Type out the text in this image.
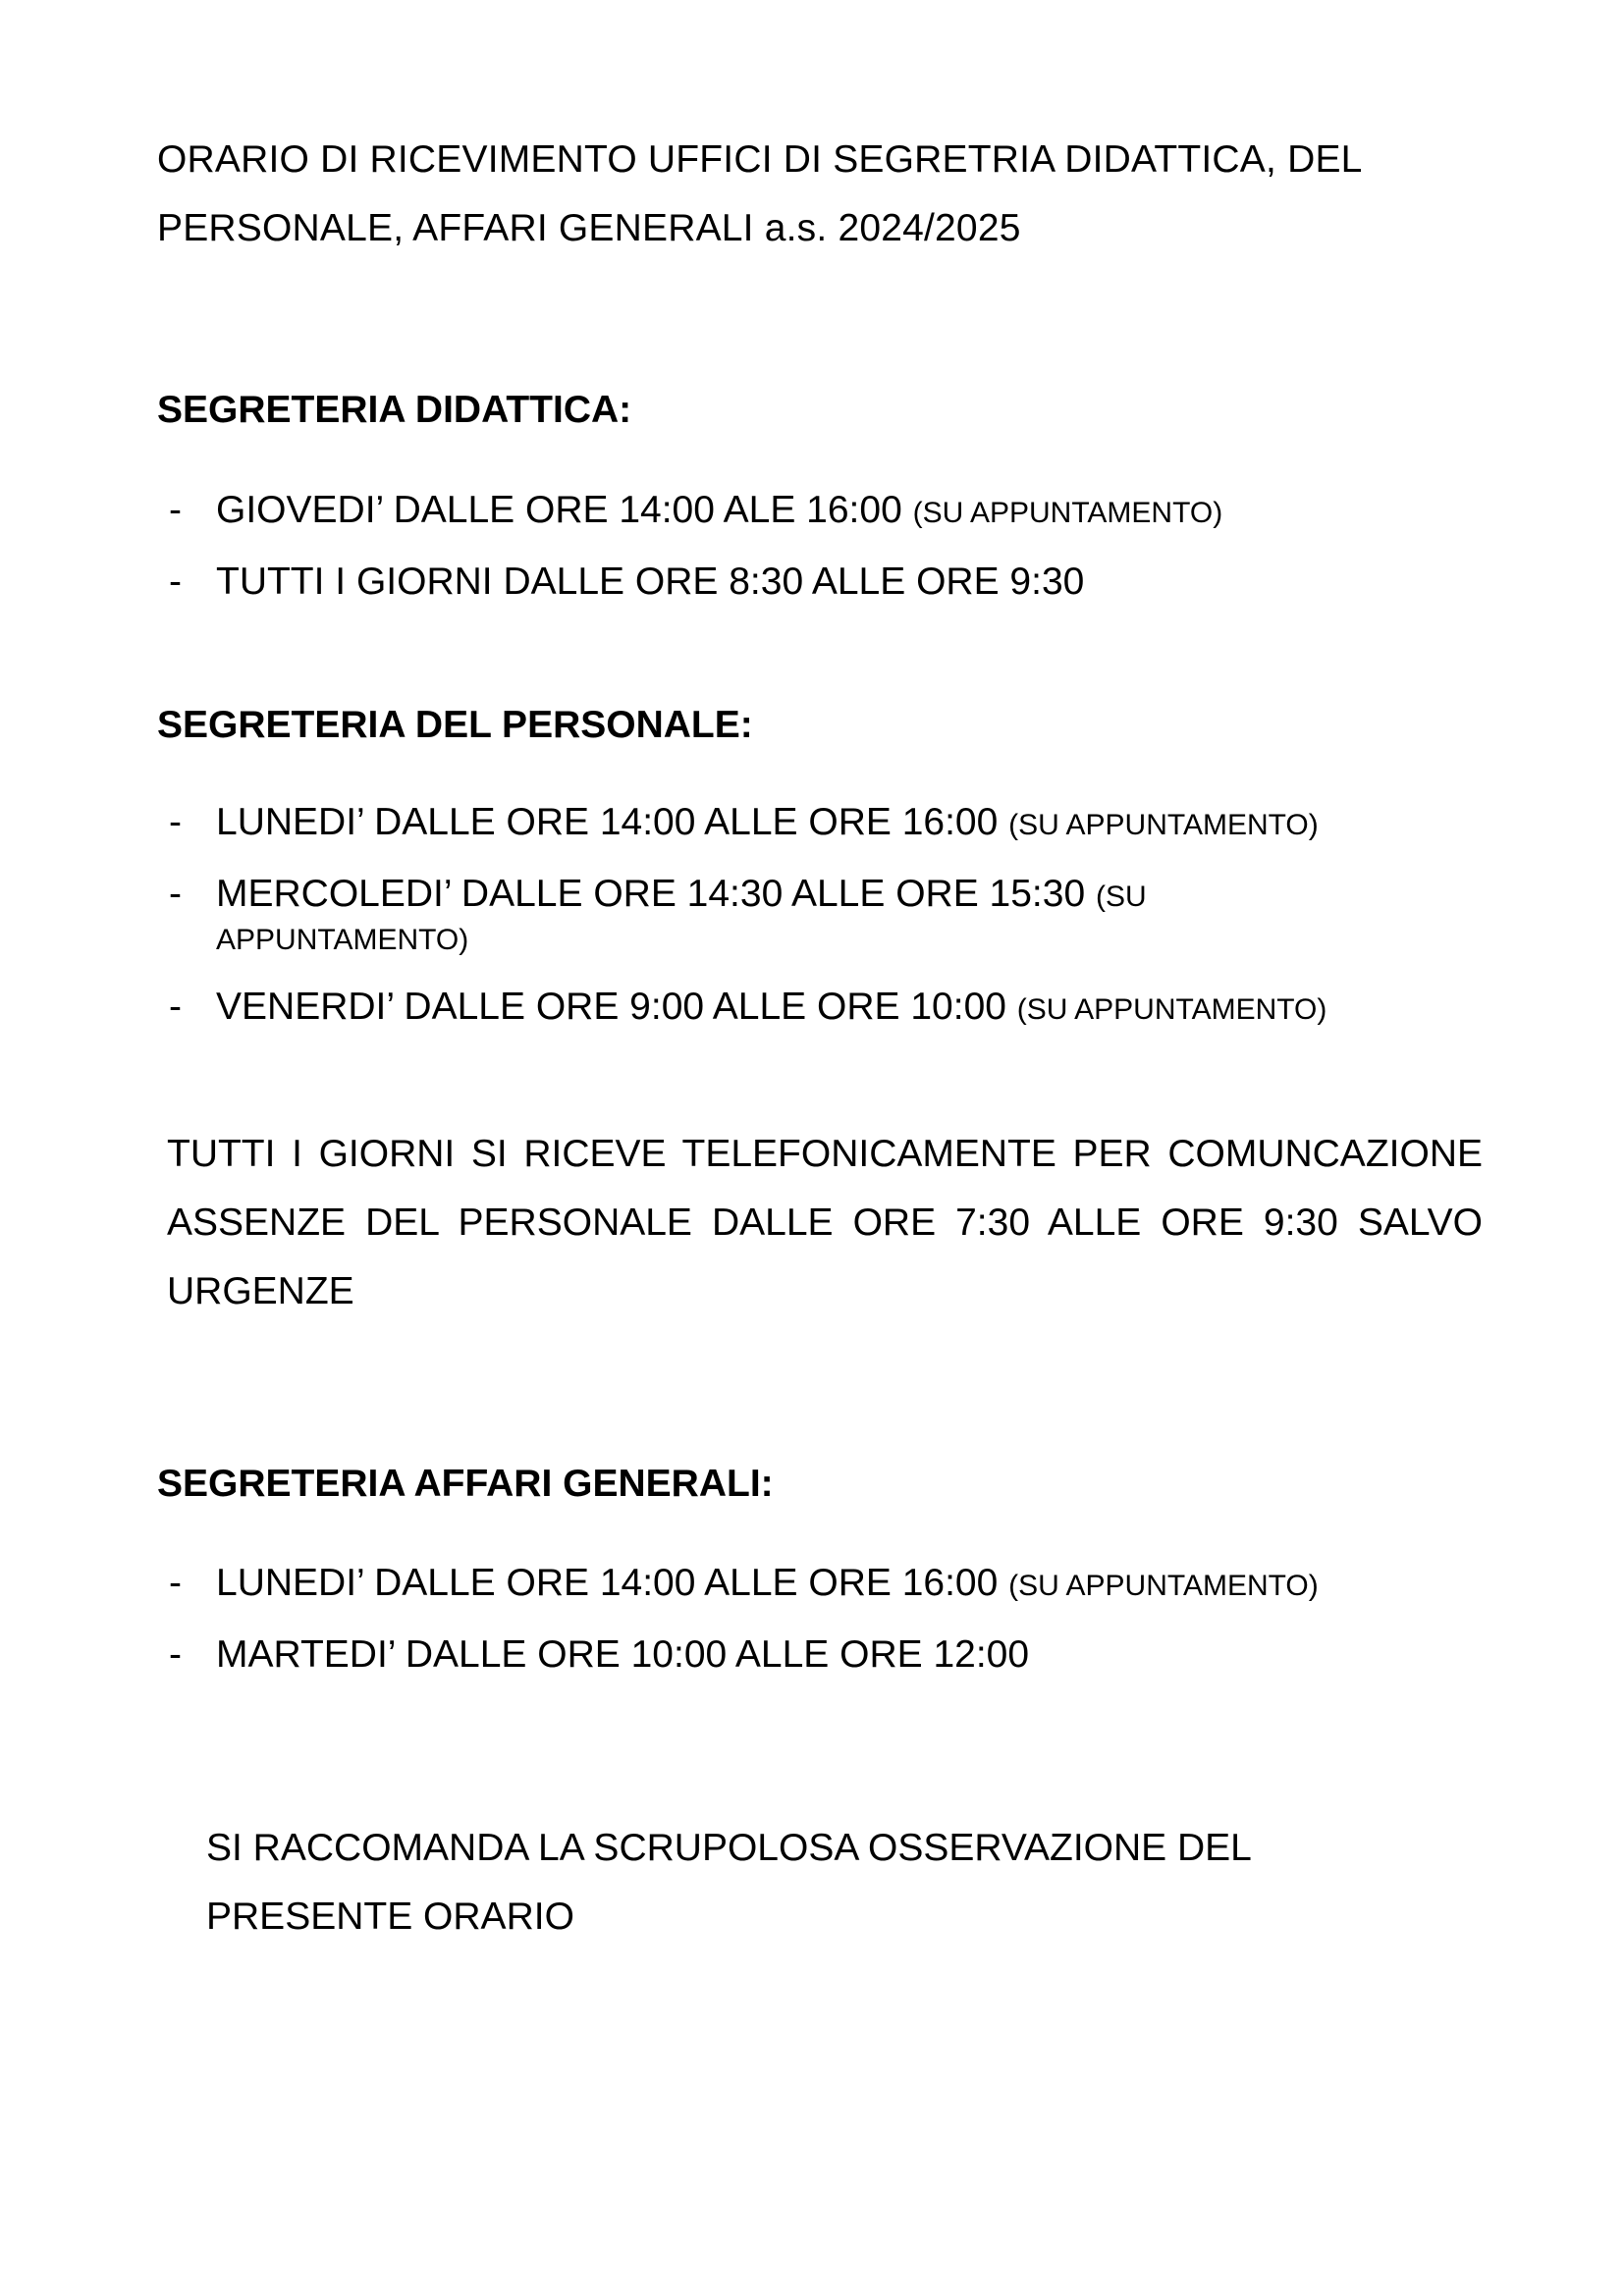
ORARIO DI RICEVIMENTO UFFICI DI SEGRETRIA DIDATTICA, DEL PERSONALE, AFFARI GENERALI a.s. 2024/2025

SEGRETERIA DIDATTICA:
- GIOVEDI’ DALLE ORE 14:00 ALE 16:00 (SU APPUNTAMENTO)
- TUTTI I GIORNI DALLE ORE 8:30 ALLE ORE 9:30
SEGRETERIA DEL PERSONALE:
- LUNEDI’ DALLE ORE 14:00 ALLE ORE 16:00 (SU APPUNTAMENTO)
- MERCOLEDI’ DALLE ORE 14:30 ALLE ORE 15:30 (SU
APPUNTAMENTO)
- VENERDI’ DALLE ORE 9:00 ALLE ORE 10:00 (SU APPUNTAMENTO)

TUTTI I GIORNI SI RICEVE TELEFONICAMENTE PER COMUNCAZIONE ASSENZE DEL PERSONALE DALLE ORE 7:30 ALLE ORE 9:30 SALVO URGENZE

SEGRETERIA AFFARI GENERALI:
- LUNEDI’ DALLE ORE 14:00 ALLE ORE 16:00 (SU APPUNTAMENTO)
- MARTEDI’ DALLE ORE 10:00 ALLE ORE 12:00

SI RACCOMANDA LA SCRUPOLOSA OSSERVAZIONE DEL PRESENTE ORARIO
